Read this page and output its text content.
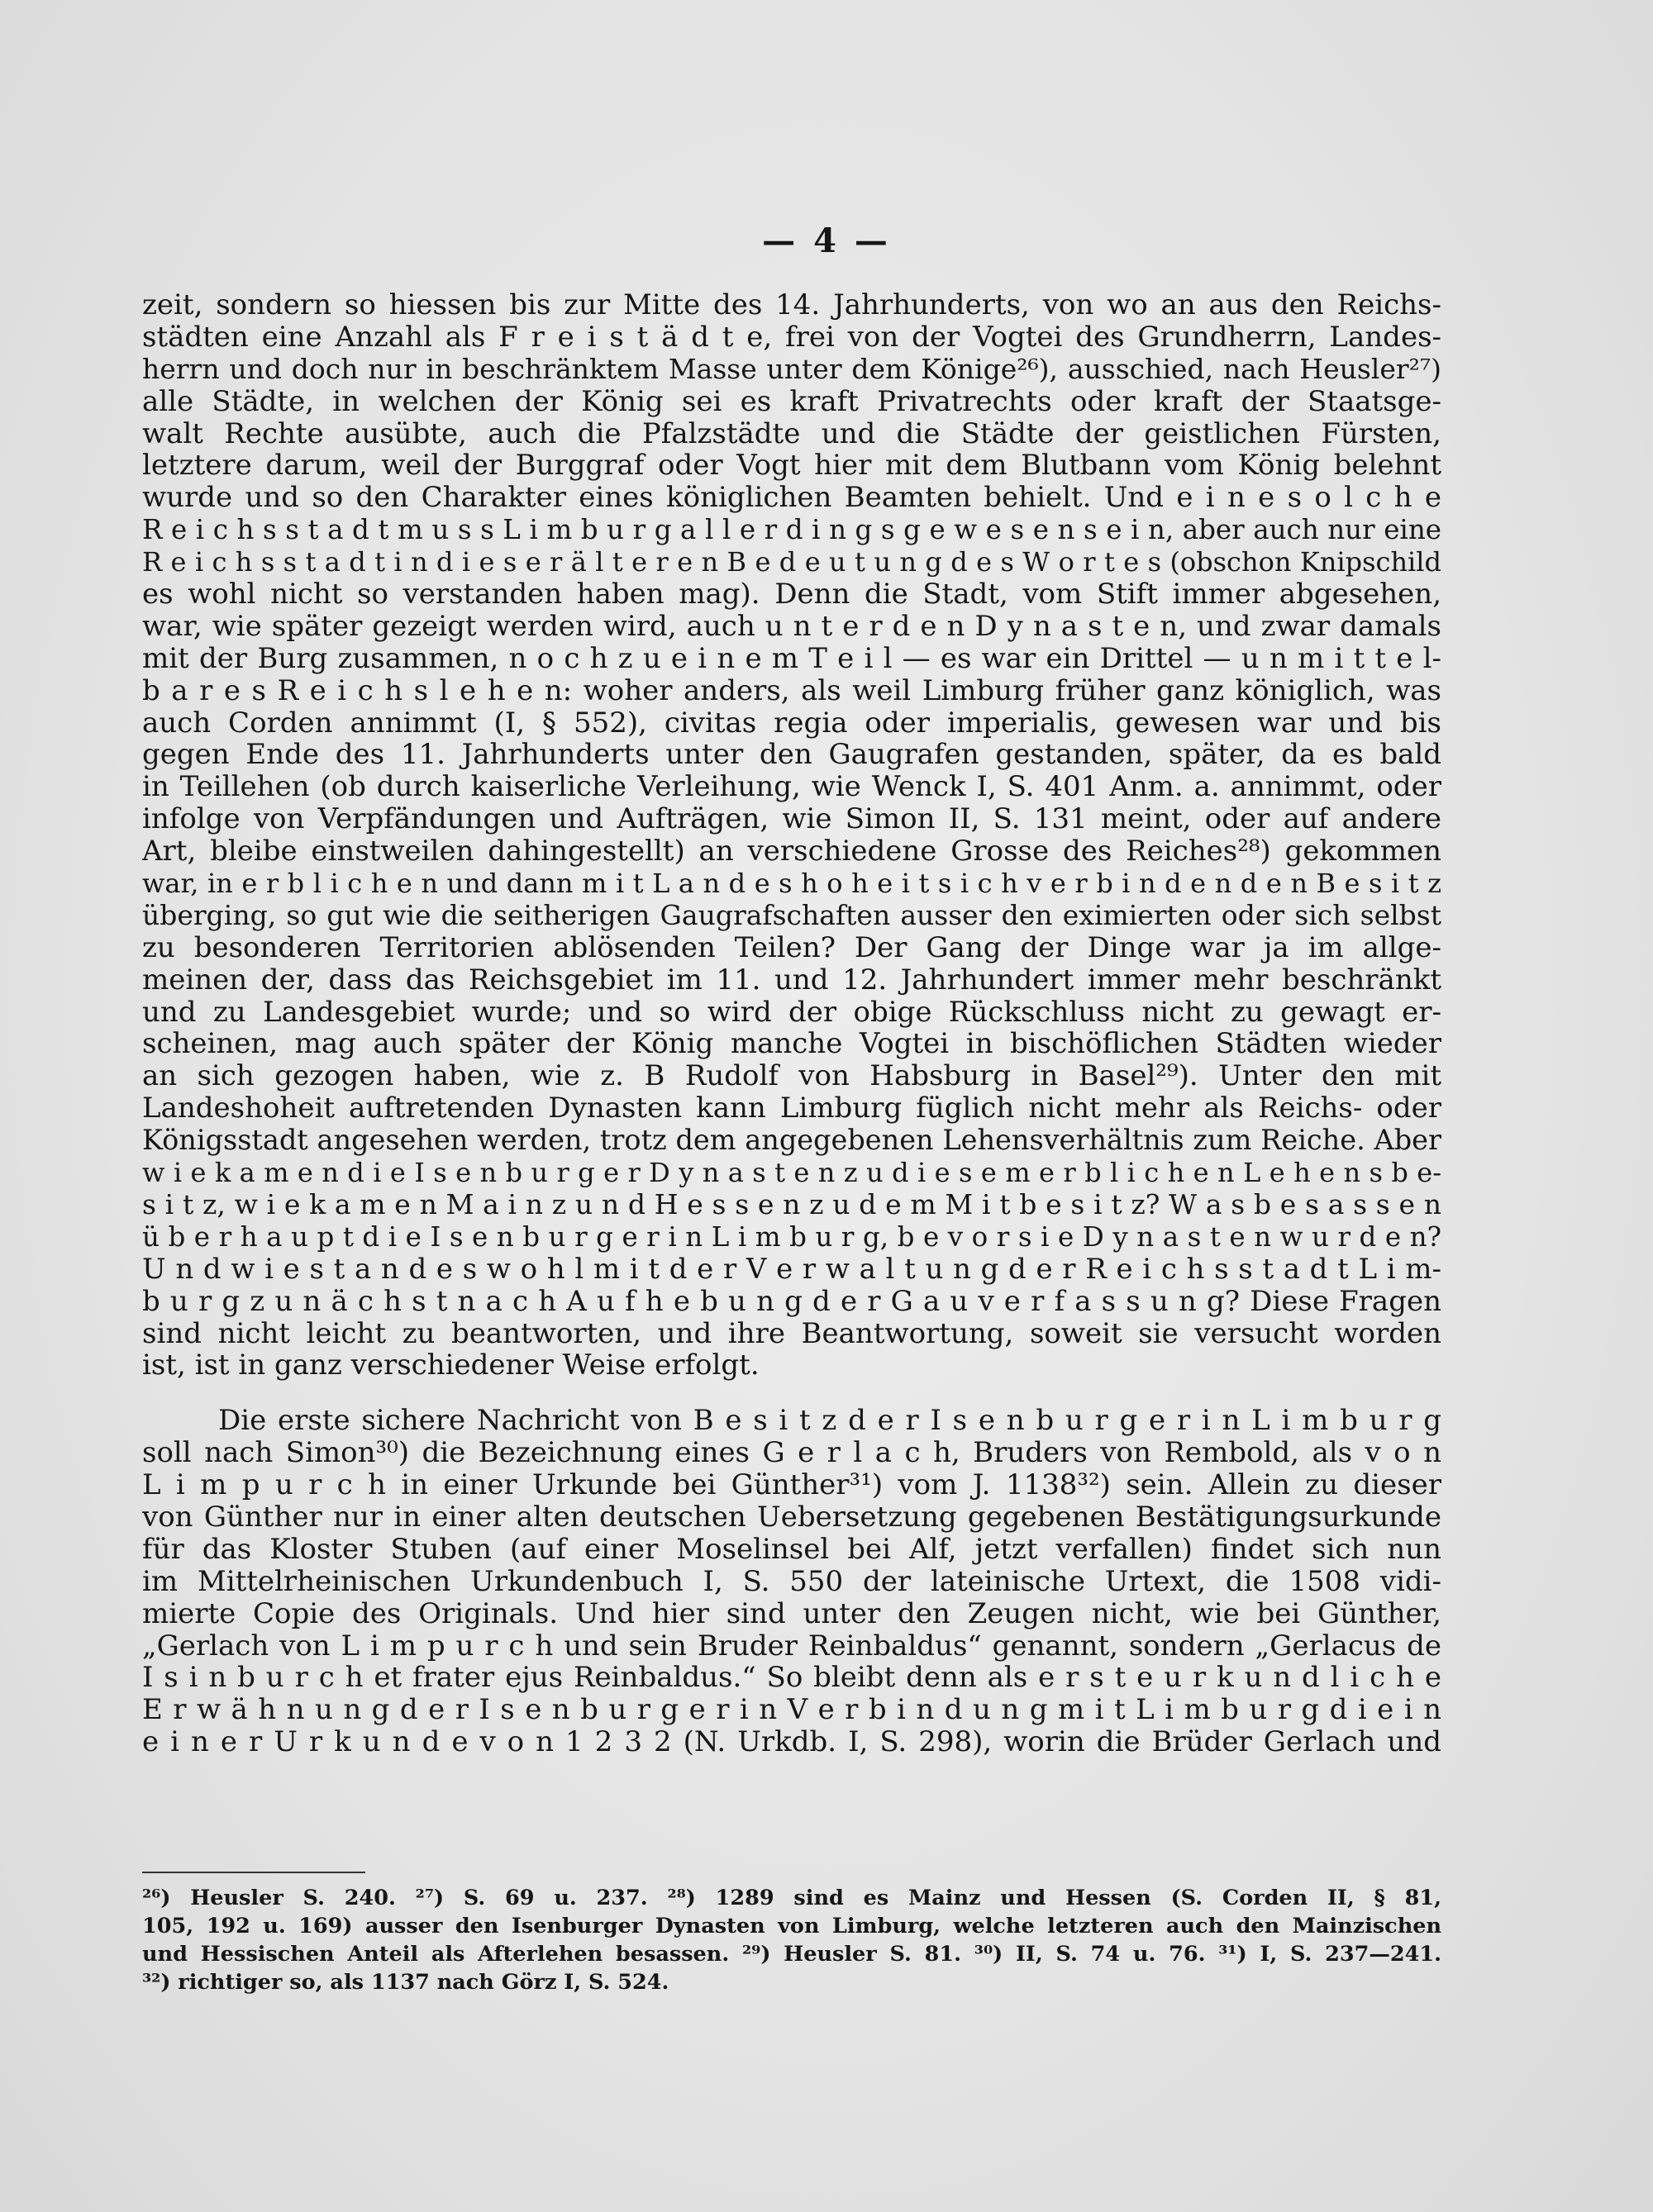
— 4 —
zeit, sondern so hiessen bis zur Mitte des 14. Jahrhunderts, von wo an aus den Reichs-
städten eine Anzahl als F r e i s t ä d t e, frei von der Vogtei des Grundherrn, Landes-
herrn und doch nur in beschränktem Masse unter dem Könige²⁶), ausschied, nach Heusler²⁷)
alle Städte, in welchen der König sei es kraft Privatrechts oder kraft der Staatsge-
walt Rechte ausübte, auch die Pfalzstädte und die Städte der geistlichen Fürsten,
letztere darum, weil der Burggraf oder Vogt hier mit dem Blutbann vom König belehnt
wurde und so den Charakter eines königlichen Beamten behielt. Und e i n e s o l c h e
R e i c h s s t a d t m u s s L i m b u r g a l l e r d i n g s g e w e s e n s e i n, aber auch nur eine
R e i c h s s t a d t i n d i e s e r ä l t e r e n B e d e u t u n g d e s W o r t e s (obschon Knipschild
es wohl nicht so verstanden haben mag). Denn die Stadt, vom Stift immer abgesehen,
war, wie später gezeigt werden wird, auch u n t e r d e n D y n a s t e n, und zwar damals
mit der Burg zusammen, n o c h z u e i n e m T e i l — es war ein Drittel — u n m i t t e l-
b a r e s R e i c h s l e h e n: woher anders, als weil Limburg früher ganz königlich, was
auch Corden annimmt (I, § 552), civitas regia oder imperialis, gewesen war und bis
gegen Ende des 11. Jahrhunderts unter den Gaugrafen gestanden, später, da es bald
in Teillehen (ob durch kaiserliche Verleihung, wie Wenck I, S. 401 Anm. a. annimmt, oder
infolge von Verpfändungen und Aufträgen, wie Simon II, S. 131 meint, oder auf andere
Art, bleibe einstweilen dahingestellt) an verschiedene Grosse des Reiches²⁸) gekommen
war, in e r b l i c h e n und dann m i t L a n d e s h o h e i t s i c h v e r b i n d e n d e n B e s i t z
überging, so gut wie die seitherigen Gaugrafschaften ausser den eximierten oder sich selbst
zu besonderen Territorien ablösenden Teilen? Der Gang der Dinge war ja im allge-
meinen der, dass das Reichsgebiet im 11. und 12. Jahrhundert immer mehr beschränkt
und zu Landesgebiet wurde; und so wird der obige Rückschluss nicht zu gewagt er-
scheinen, mag auch später der König manche Vogtei in bischöflichen Städten wieder
an sich gezogen haben, wie z. B Rudolf von Habsburg in Basel²⁹). Unter den mit
Landeshoheit auftretenden Dynasten kann Limburg füglich nicht mehr als Reichs- oder
Königsstadt angesehen werden, trotz dem angegebenen Lehensverhältnis zum Reiche. Aber
w i e k a m e n d i e I s e n b u r g e r D y n a s t e n z u d i e s e m e r b l i c h e n L e h e n s b e-
s i t z, w i e k a m e n M a i n z u n d H e s s e n z u d e m M i t b e s i t z? W a s b e s a s s e n
ü b e r h a u p t d i e I s e n b u r g e r i n L i m b u r g, b e v o r s i e D y n a s t e n w u r d e n?
U n d w i e s t a n d e s w o h l m i t d e r V e r w a l t u n g d e r R e i c h s s t a d t L i m-
b u r g z u n ä c h s t n a c h A u f h e b u n g d e r G a u v e r f a s s u n g? Diese Fragen
sind nicht leicht zu beantworten, und ihre Beantwortung, soweit sie versucht worden
ist, ist in ganz verschiedener Weise erfolgt.
Die erste sichere Nachricht von B e s i t z d e r I s e n b u r g e r i n L i m b u r g
soll nach Simon³⁰) die Bezeichnung eines G e r l a c h, Bruders von Rembold, als v o n
L i m p u r c h in einer Urkunde bei Günther³¹) vom J. 1138³²) sein. Allein zu dieser
von Günther nur in einer alten deutschen Uebersetzung gegebenen Bestätigungsurkunde
für das Kloster Stuben (auf einer Moselinsel bei Alf, jetzt verfallen) findet sich nun
im Mittelrheinischen Urkundenbuch I, S. 550 der lateinische Urtext, die 1508 vidi-
mierte Copie des Originals. Und hier sind unter den Zeugen nicht, wie bei Günther,
„Gerlach von L i m p u r c h und sein Bruder Reinbaldus“ genannt, sondern „Gerlacus de
I s i n b u r c h et frater ejus Reinbaldus.“ So bleibt denn als e r s t e u r k u n d l i c h e
E r w ä h n u n g d e r I s e n b u r g e r i n V e r b i n d u n g m i t L i m b u r g d i e i n
e i n e r U r k u n d e v o n 1 2 3 2 (N. Urkdb. I, S. 298), worin die Brüder Gerlach und
²⁶) Heusler S. 240. ²⁷) S. 69 u. 237. ²⁸) 1289 sind es Mainz und Hessen (S. Corden II, § 81,
105, 192 u. 169) ausser den Isenburger Dynasten von Limburg, welche letzteren auch den Mainzischen
und Hessischen Anteil als Afterlehen besassen. ²⁹) Heusler S. 81. ³⁰) II, S. 74 u. 76. ³¹) I, S. 237—241.
³²) richtiger so, als 1137 nach Görz I, S. 524.
